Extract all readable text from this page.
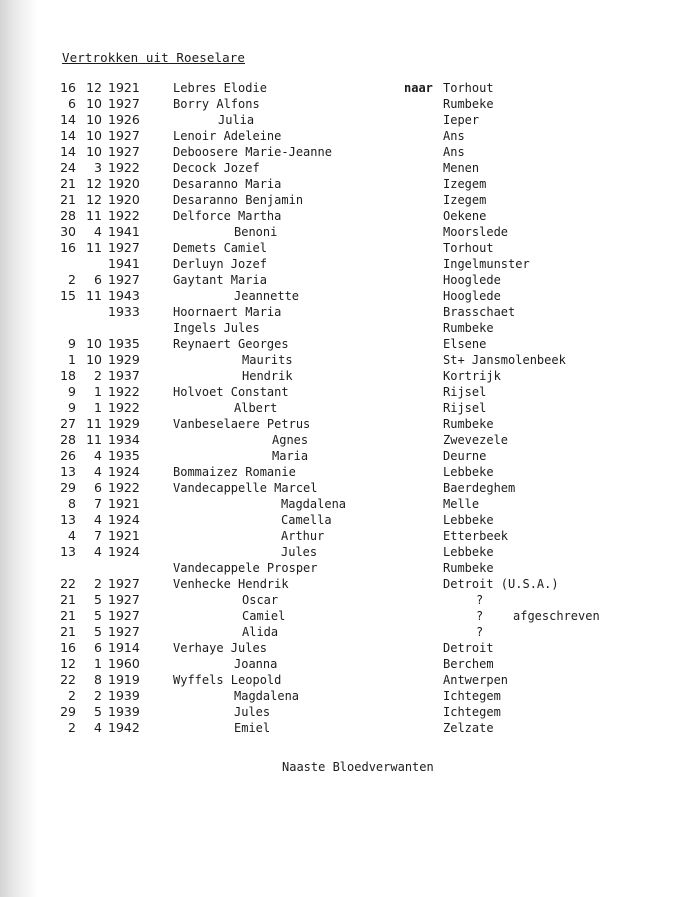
Vertrokken uit Roeselare
16 12 1921	Lebres Elodie	naar Torhout
6 10 1927	Borry Alfons	Rumbeke
14 10 1926	Julia	Ieper
14 10 1927	Lenoir Adeleine	Ans
14 10 1927	Deboosere Marie-Jeanne	Ans
24	3 1922	Decock Jozef	Menen
21 12 1920	Desaranno Maria	Izegem
21 12 1920	Desaranno Benjamin	Izegem
28 11 1922	Delforce Martha	Oekene
30	4 1941	Benoni	Moorslede
16 11 1927	Demets Camiel	Torhout
1941	Derluyn Jozef	Ingelmunster
2	6 1927	Gaytant Maria	Hooglede
15 11 1943	Jeannette	Hooglede
1933	Hoornaert Maria	Brasschaet
Ingels Jules	Rumbeke
9 10 1935	Reynaert Georges	Elsene
1 10 1929	Maurits	St+ Jansmolenbeek
18	2 1937	Hendrik	Kortrijk
9	1 1922	Holvoet Constant	Rijsel
9	1 1922	Albert	Rijsel
27 11 1929	Vanbeselaere Petrus	Rumbeke
28 11 1934	Agnes	Zwevezele
26	4 1935	Maria	Deurne
13	4 1924	Bommaizez Romanie	Lebbeke
29	6 1922	Vandecappelle Marcel	Baerdeghem
8	7 1921	Magdalena	Melle
13	4 1924	Camella	Lebbeke
4	7 1921	Arthur	Etterbeek
13	4 1924	Jules	Lebbeke
Vandecappele Prosper	Rumbeke
22	2 1927	Venhecke Hendrik	Detroit (U.S.A.)
21	5 1927	Oscar	?
21	5 1927	Camiel	? afgeschreven
21	5 1927	Alida	?
16	6 1914	Verhaye Jules	Detroit
12	1 1960	Joanna	Berchem
22	8 1919	Wyffels Leopold	Antwerpen
2	2 1939	Magdalena	Ichtegem
29	5 1939	Jules	Ichtegem
2	4 1942	Emiel	Zelzate
Naaste Bloedverwanten
